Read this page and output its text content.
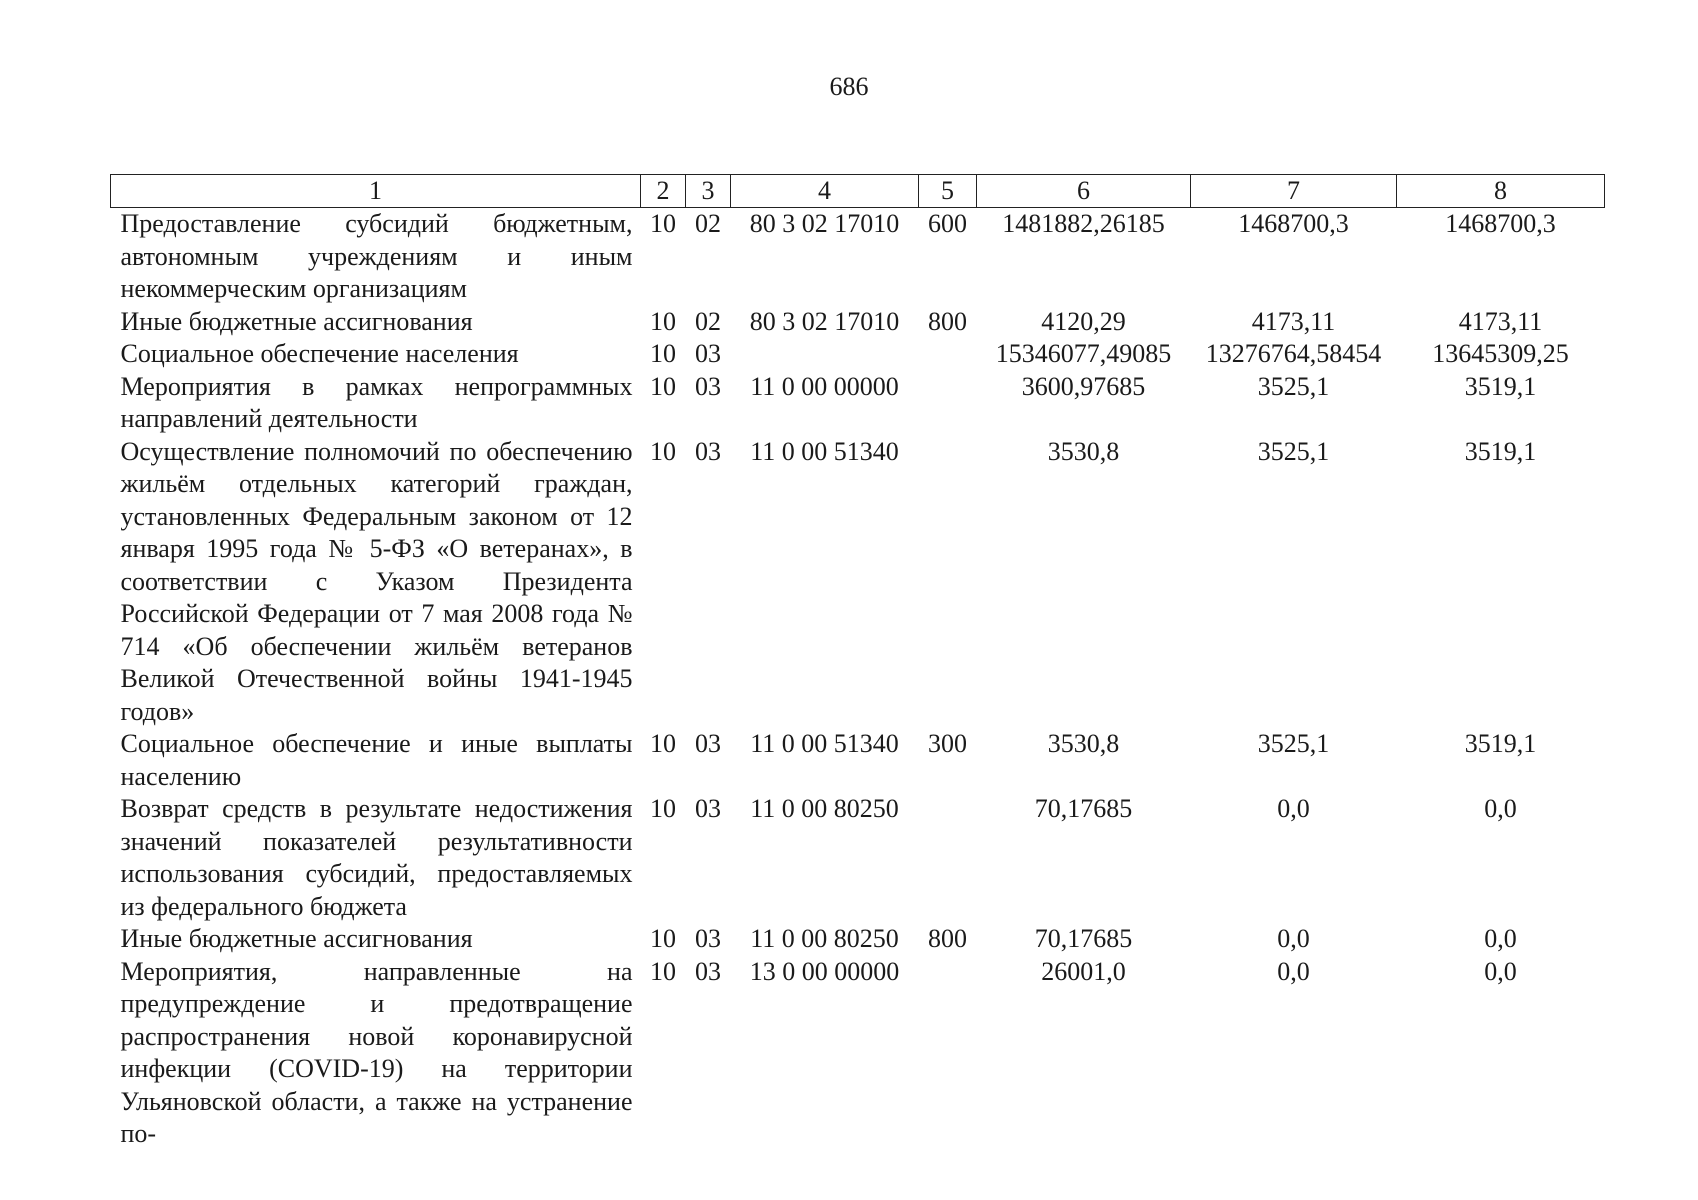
686
1	2	3	4	5	6	7	8
Предоставление субсидий бюджетным, автономным учреждениям и иным некоммерческим организациям	10	02	80 3 02 17010	600	1481882,26185	1468700,3	1468700,3
Иные бюджетные ассигнования	10	02	80 3 02 17010	800	4120,29	4173,11	4173,11
Социальное обеспечение населения	10	03			15346077,49085	13276764,58454	13645309,25
Мероприятия в рамках непрограммных направлений деятельности	10	03	11 0 00 00000		3600,97685	3525,1	3519,1
Осуществление полномочий по обеспечению жильём отдельных категорий граждан, установленных Федеральным законом от 12 января 1995 года № 5-ФЗ «О ветеранах», в соответствии с Указом Президента Российской Федерации от 7 мая 2008 года № 714 «Об обеспечении жильём ветеранов Великой Отечественной войны 1941-1945 годов»	10	03	11 0 00 51340		3530,8	3525,1	3519,1
Социальное обеспечение и иные выплаты населению	10	03	11 0 00 51340	300	3530,8	3525,1	3519,1
Возврат средств в результате недостижения значений показателей результативности использования субсидий, предоставляемых из федерального бюджета	10	03	11 0 00 80250		70,17685	0,0	0,0
Иные бюджетные ассигнования	10	03	11 0 00 80250	800	70,17685	0,0	0,0
Мероприятия, направленные на предупреждение и предотвращение распространения новой коронавирусной инфекции (COVID-19) на территории Ульяновской области, а также на устранение по-	10	03	13 0 00 00000		26001,0	0,0	0,0
